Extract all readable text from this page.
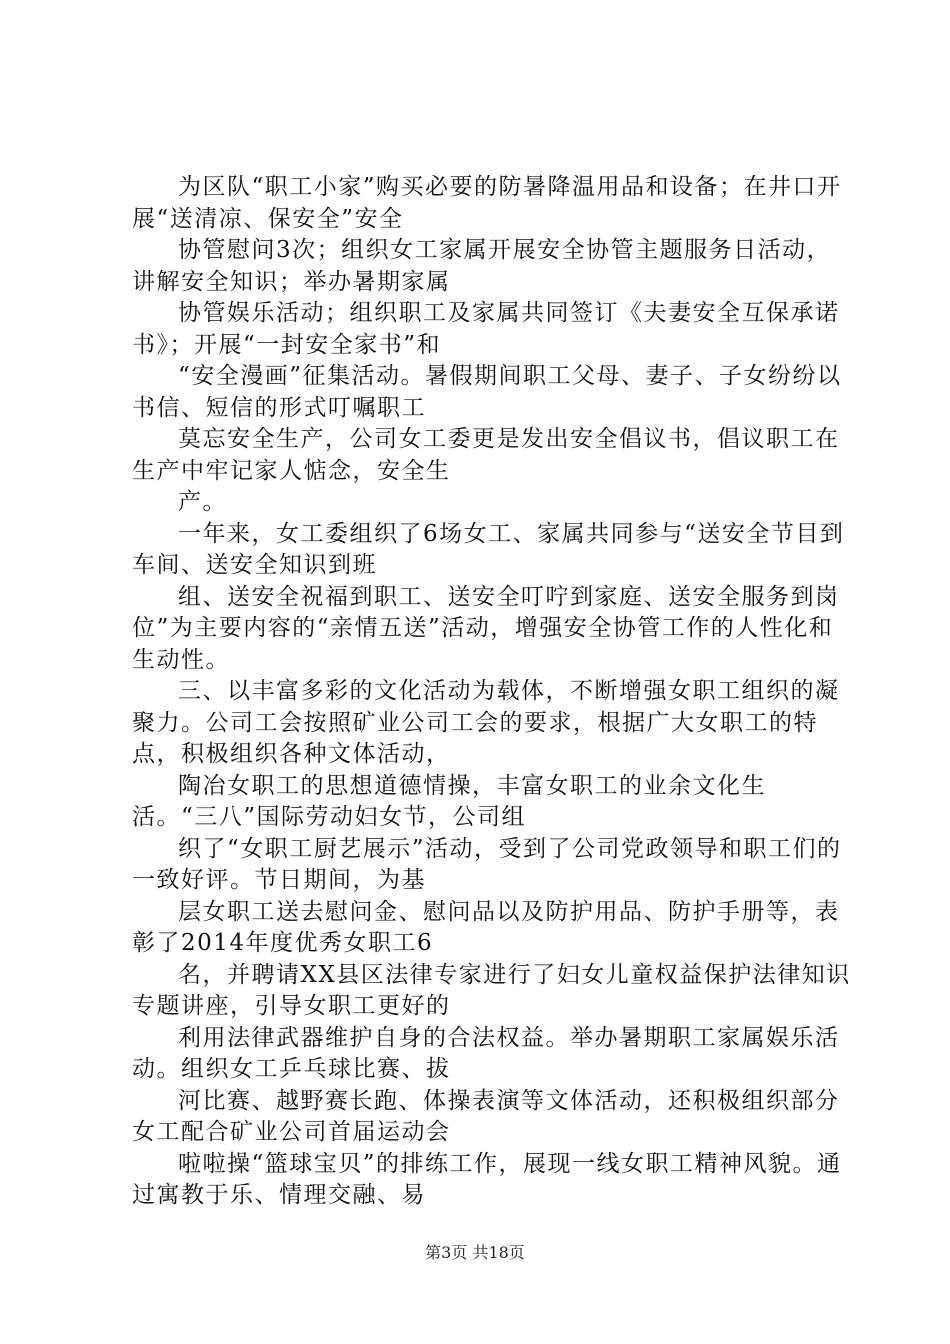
为区队“职工小家”购买必要的防暑降温用品和设备；在井口开展“送清凉、保安全”安全

协管慰问3次；组织女工家属开展安全协管主题服务日活动，讲解安全知识；举办暑期家属

协管娱乐活动；组织职工及家属共同签订《夫妻安全互保承诺书》；开展“一封安全家书”和

“安全漫画”征集活动。暑假期间职工父母、妻子、子女纷纷以书信、短信的形式叮嘱职工

莫忘安全生产，公司女工委更是发出安全倡议书，倡议职工在生产中牢记家人惦念，安全生

产。

一年来，女工委组织了6场女工、家属共同参与“送安全节目到车间、送安全知识到班

组、送安全祝福到职工、送安全叮咛到家庭、送安全服务到岗位”为主要内容的“亲情五送”活动，增强安全协管工作的人性化和生动性。

三、以丰富多彩的文化活动为载体，不断增强女职工组织的凝聚力。公司工会按照矿业公司工会的要求，根据广大女职工的特点，积极组织各种文体活动，

陶冶女职工的思想道德情操，丰富女职工的业余文化生活。“三八”国际劳动妇女节，公司组

织了“女职工厨艺展示”活动，受到了公司党政领导和职工们的一致好评。节日期间，为基

层女职工送去慰问金、慰问品以及防护用品、防护手册等，表彰了2014年度优秀女职工6

名，并聘请XX县区法律专家进行了妇女儿童权益保护法律知识专题讲座，引导女职工更好的

利用法律武器维护自身的合法权益。举办暑期职工家属娱乐活动。组织女工乒乓球比赛、拔

河比赛、越野赛长跑、体操表演等文体活动，还积极组织部分女工配合矿业公司首届运动会

啦啦操“篮球宝贝”的排练工作，展现一线女职工精神风貌。通过寓教于乐、情理交融、易

第3页 共18页
